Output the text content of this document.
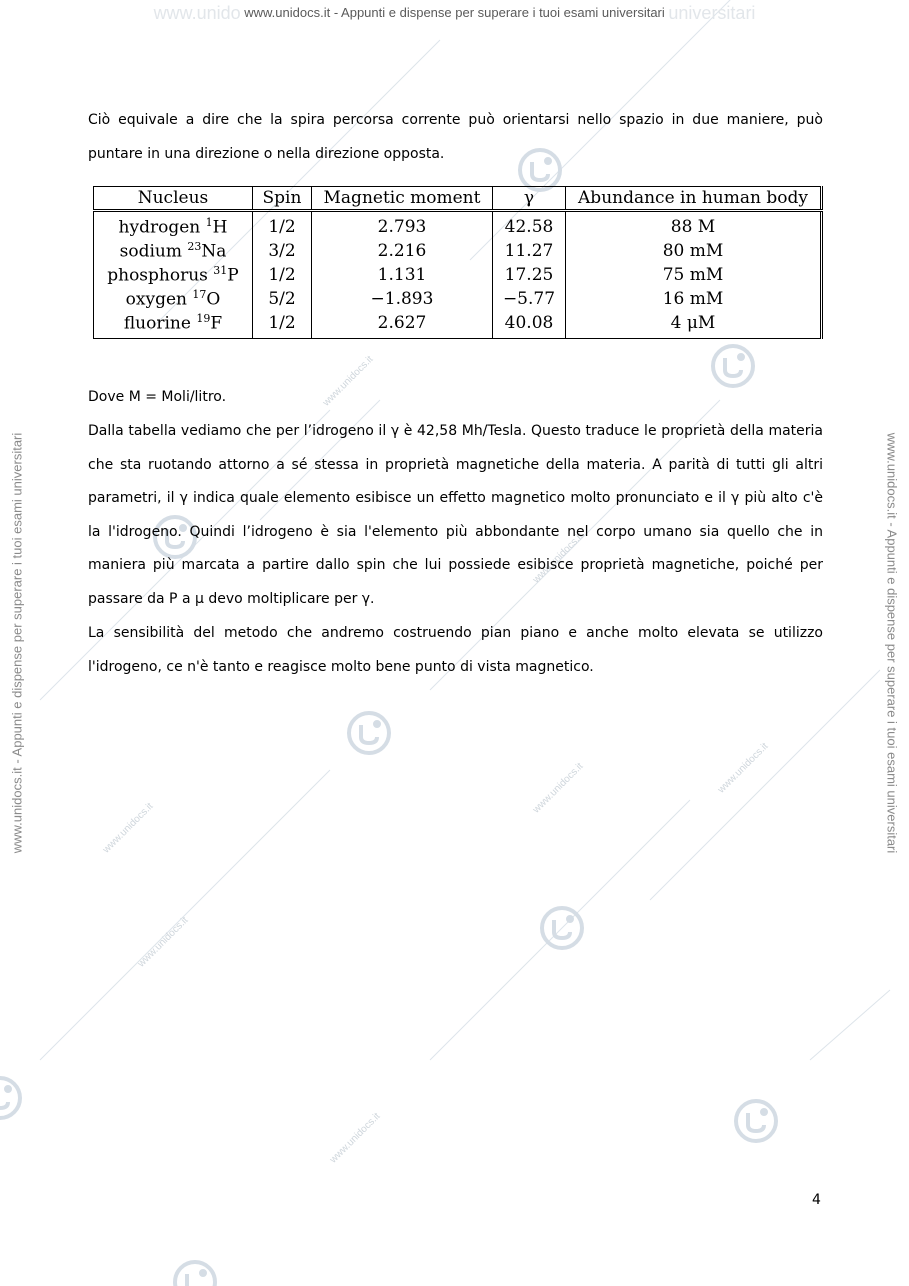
www.unidocs.it
www.unidocs.it
www.unidocs.it
www.unidocs.it
www.unidocs.it
www.unidocs.it
www.unidocs.it
www.unido www.unidocs.it - Appunti e dispense per superare i tuoi esami universitari universitari
www.unidocs.it - Appunti e dispense per superare i tuoi esami universitari	www.unidocs.it - Appunti e dispense per superare i tuoi esami universitari

Ciò equivale a dire che la spira percorsa corrente può orientarsi nello spazio in due maniere, può puntare in una direzione o nella direzione opposta.

Nucleus	Spin	Magnetic moment	γ	Abundance in human body
hydrogen $^1$H	1/2	2.793	42.58	88 M
sodium $^{23}$Na	3/2	2.216	11.27	80 mM
phosphorus $^{31}$P	1/2	1.131	17.25	75 mM
oxygen $^{17}$O	5/2	−1.893	−5.77	16 mM
fluorine $^{19}$F	1/2	2.627	40.08	4 μM

Dove M = Moli/litro.

Dalla tabella vediamo che per l’idrogeno il γ è 42,58 Mh/Tesla. Questo traduce le proprietà della materia che sta ruotando attorno a sé stessa in proprietà magnetiche della materia. A parità di tutti gli altri parametri, il γ indica quale elemento esibisce un effetto magnetico molto pronunciato e il γ più alto c'è la l'idrogeno. Quindi l’idrogeno è sia l'elemento più abbondante nel corpo umano sia quello che in maniera più marcata a partire dallo spin che lui possiede esibisce proprietà magnetiche, poiché per passare da P a μ devo moltiplicare per γ.

La sensibilità del metodo che andremo costruendo pian piano e anche molto elevata se utilizzo l'idrogeno, ce n'è tanto e reagisce molto bene punto di vista magnetico.

4
